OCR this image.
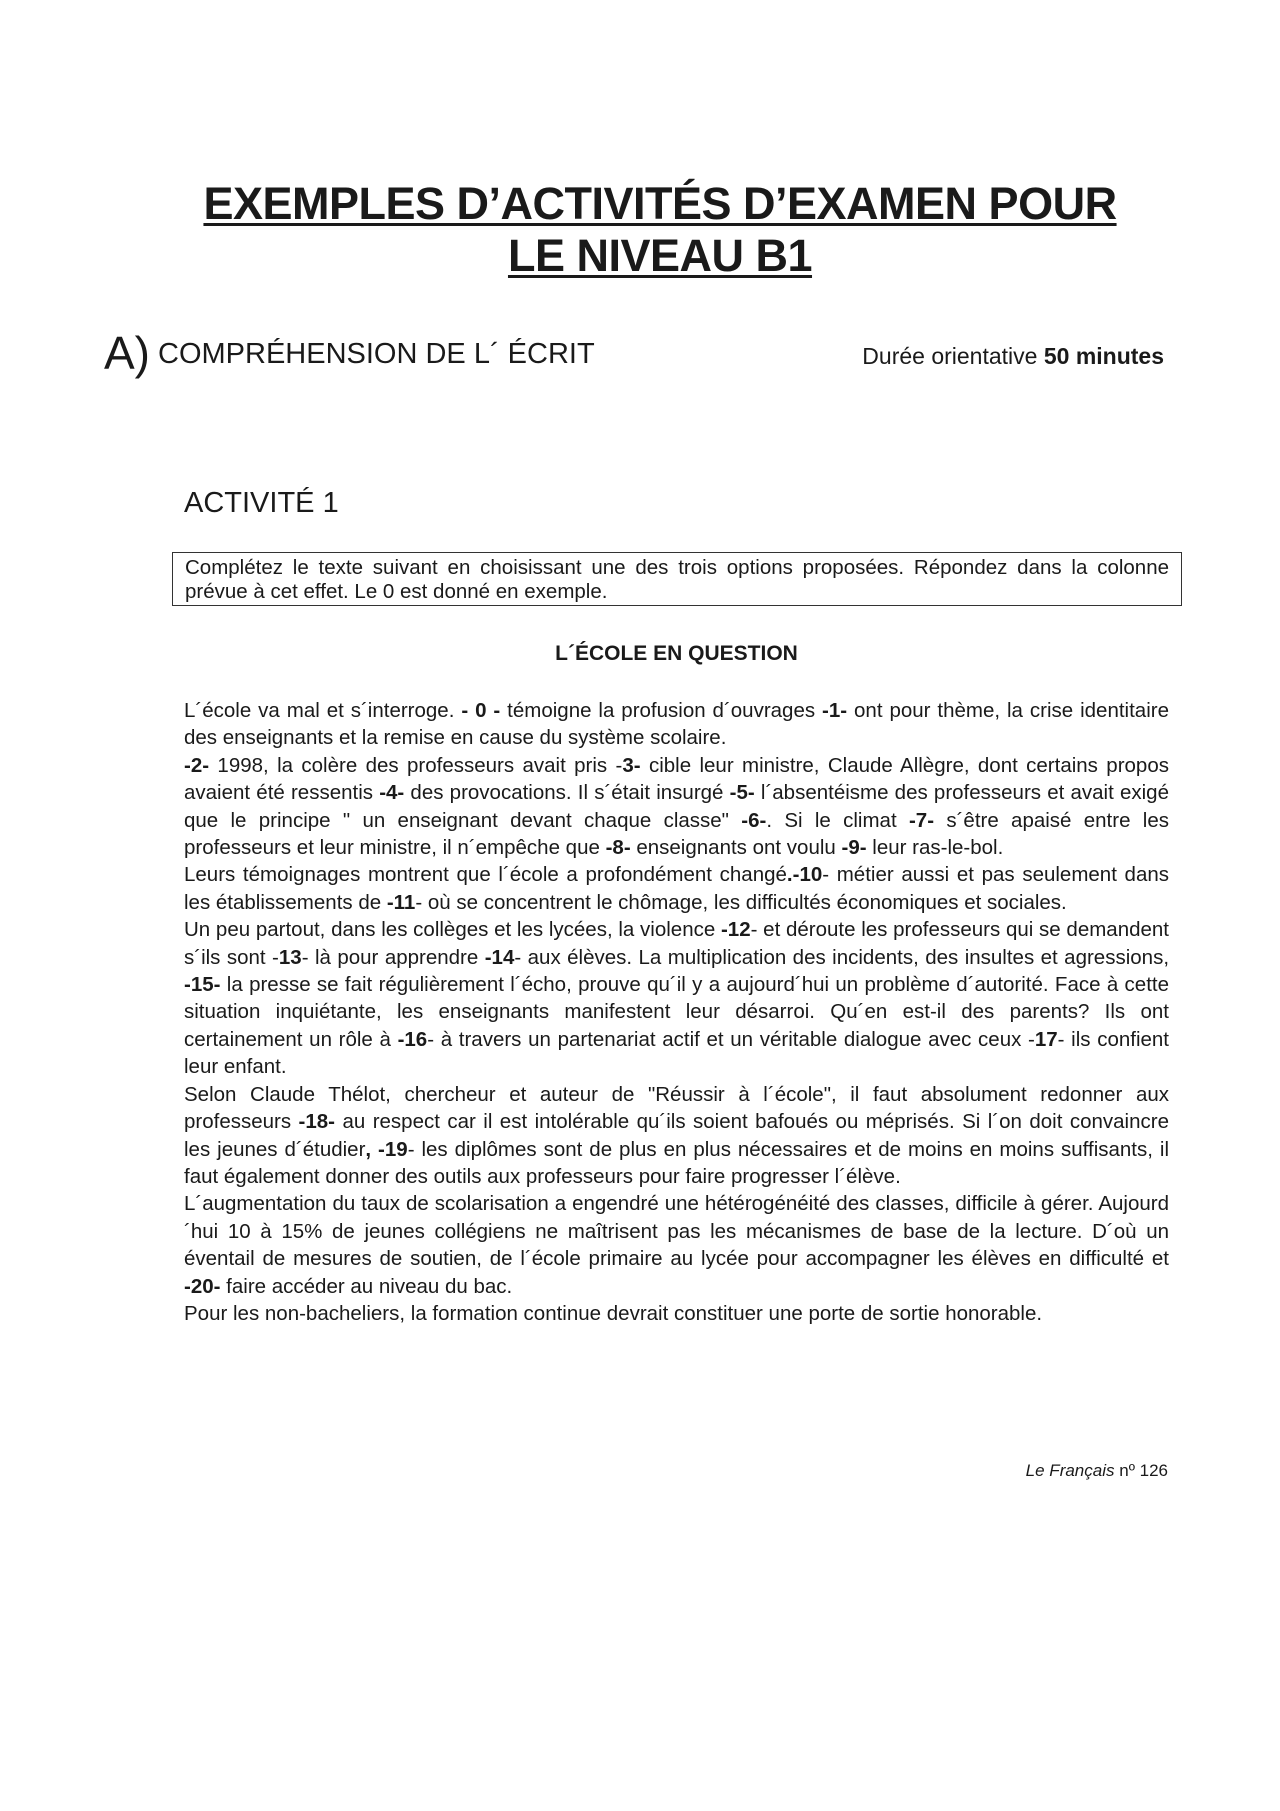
EXEMPLES D’ACTIVITÉS D’EXAMEN POUR
LE NIVEAU B1
A) COMPRÉHENSION DE L´ ÉCRIT	Durée orientative 50 minutes
ACTIVITÉ 1
Complétez le texte suivant en choisissant une des trois options proposées. Répondez dans la colonne prévue à cet effet. Le 0 est donné en exemple.
L´ÉCOLE EN QUESTION

L´école va mal et s´interroge. - 0 - témoigne la profusion d´ouvrages -1- ont pour thème, la crise identitaire des enseignants et la remise en cause du système scolaire.

-2- 1998, la colère des professeurs avait pris -3- cible leur ministre, Claude Allègre, dont certains propos avaient été ressentis -4- des provocations. Il s´était insurgé -5- l´absentéisme des professeurs et avait exigé que le principe " un enseignant devant chaque classe" -6-. Si le climat -7- s´être apaisé entre les professeurs et leur ministre, il n´empêche que -8- enseignants ont voulu -9- leur ras-le-bol.

Leurs témoignages montrent que l´école a profondément changé.-10- métier aussi et pas seulement dans les établissements de -11- où se concentrent le chômage, les difficultés économiques et sociales.

Un peu partout, dans les collèges et les lycées, la violence -12- et déroute les professeurs qui se demandent s´ils sont -13- là pour apprendre -14- aux élèves. La multiplication des incidents, des insultes et agressions, -15- la presse se fait régulièrement l´écho, prouve qu´il y a aujourd´hui un problème d´autorité. Face à cette situation inquiétante, les enseignants manifestent leur désarroi. Qu´en est-il des parents? Ils ont certainement un rôle à -16- à travers un partenariat actif et un véritable dialogue avec ceux -17- ils confient leur enfant.

Selon Claude Thélot, chercheur et auteur de "Réussir à l´école", il faut absolument redonner aux professeurs -18- au respect car il est intolérable qu´ils soient bafoués ou méprisés. Si l´on doit convaincre les jeunes d´étudier, -19- les diplômes sont de plus en plus nécessaires et de moins en moins suffisants, il faut également donner des outils aux professeurs pour faire progresser l´élève.

L´augmentation du taux de scolarisation a engendré une hétérogénéité des classes, difficile à gérer. Aujourd´hui 10 à 15% de jeunes collégiens ne maîtrisent pas les mécanismes de base de la lecture. D´où un éventail de mesures de soutien, de l´école primaire au lycée pour accompagner les élèves en difficulté et -20- faire accéder au niveau du bac.

Pour les non-bacheliers, la formation continue devrait constituer une porte de sortie honorable.

Le Français nº 126
